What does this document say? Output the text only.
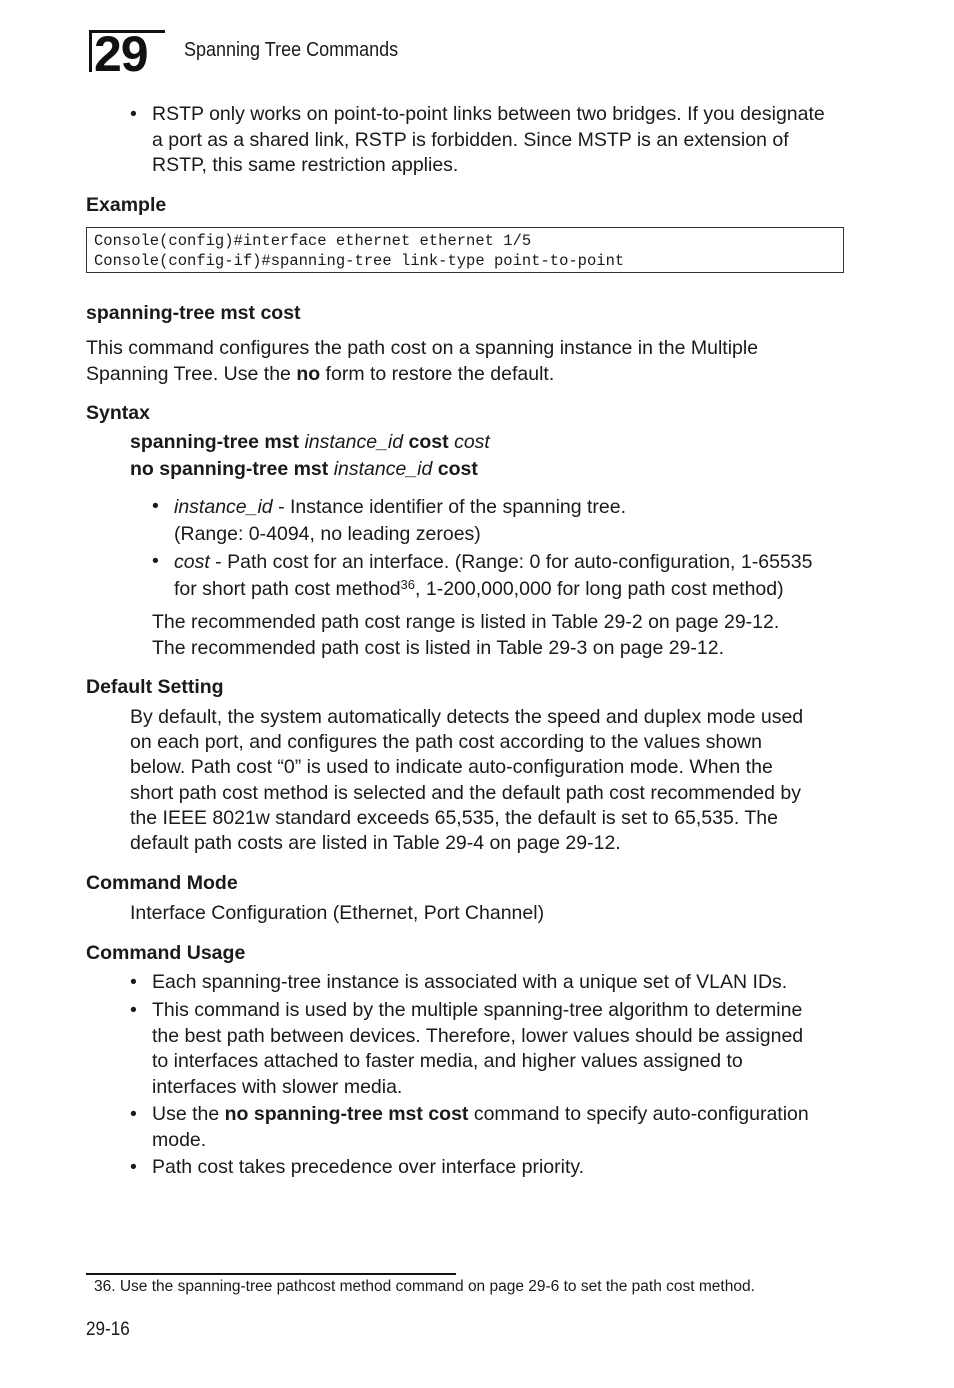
29	Spanning Tree Commands
• RSTP only works on point-to-point links between two bridges. If you designate
a port as a shared link, RSTP is forbidden. Since MSTP is an extension of
RSTP, this same restriction applies.
Example
Console(config)#interface ethernet ethernet 1/5
Console(config-if)#spanning-tree link-type point-to-point
spanning-tree mst cost
This command configures the path cost on a spanning instance in the Multiple
Spanning Tree. Use the no form to restore the default.
Syntax
spanning-tree mst instance_id cost cost
no spanning-tree mst instance_id cost
• instance_id - Instance identifier of the spanning tree.
(Range: 0-4094, no leading zeroes)
• cost - Path cost for an interface. (Range: 0 for auto-configuration, 1-65535
for short path cost method$^{36}$, 1-200,000,000 for long path cost method)
The recommended path cost range is listed in Table 29-2 on page 29-12.
The recommended path cost is listed in Table 29-3 on page 29-12.
Default Setting
By default, the system automatically detects the speed and duplex mode used
on each port, and configures the path cost according to the values shown
below. Path cost “0” is used to indicate auto-configuration mode. When the
short path cost method is selected and the default path cost recommended by
the IEEE 8021w standard exceeds 65,535, the default is set to 65,535. The
default path costs are listed in Table 29-4 on page 29-12.
Command Mode
Interface Configuration (Ethernet, Port Channel)
Command Usage
• Each spanning-tree instance is associated with a unique set of VLAN IDs.
• This command is used by the multiple spanning-tree algorithm to determine
the best path between devices. Therefore, lower values should be assigned
to interfaces attached to faster media, and higher values assigned to
interfaces with slower media.
• Use the no spanning-tree mst cost command to specify auto-configuration
mode.
• Path cost takes precedence over interface priority.
36. Use the spanning-tree pathcost method command on page 29-6 to set the path cost method.
29-16
